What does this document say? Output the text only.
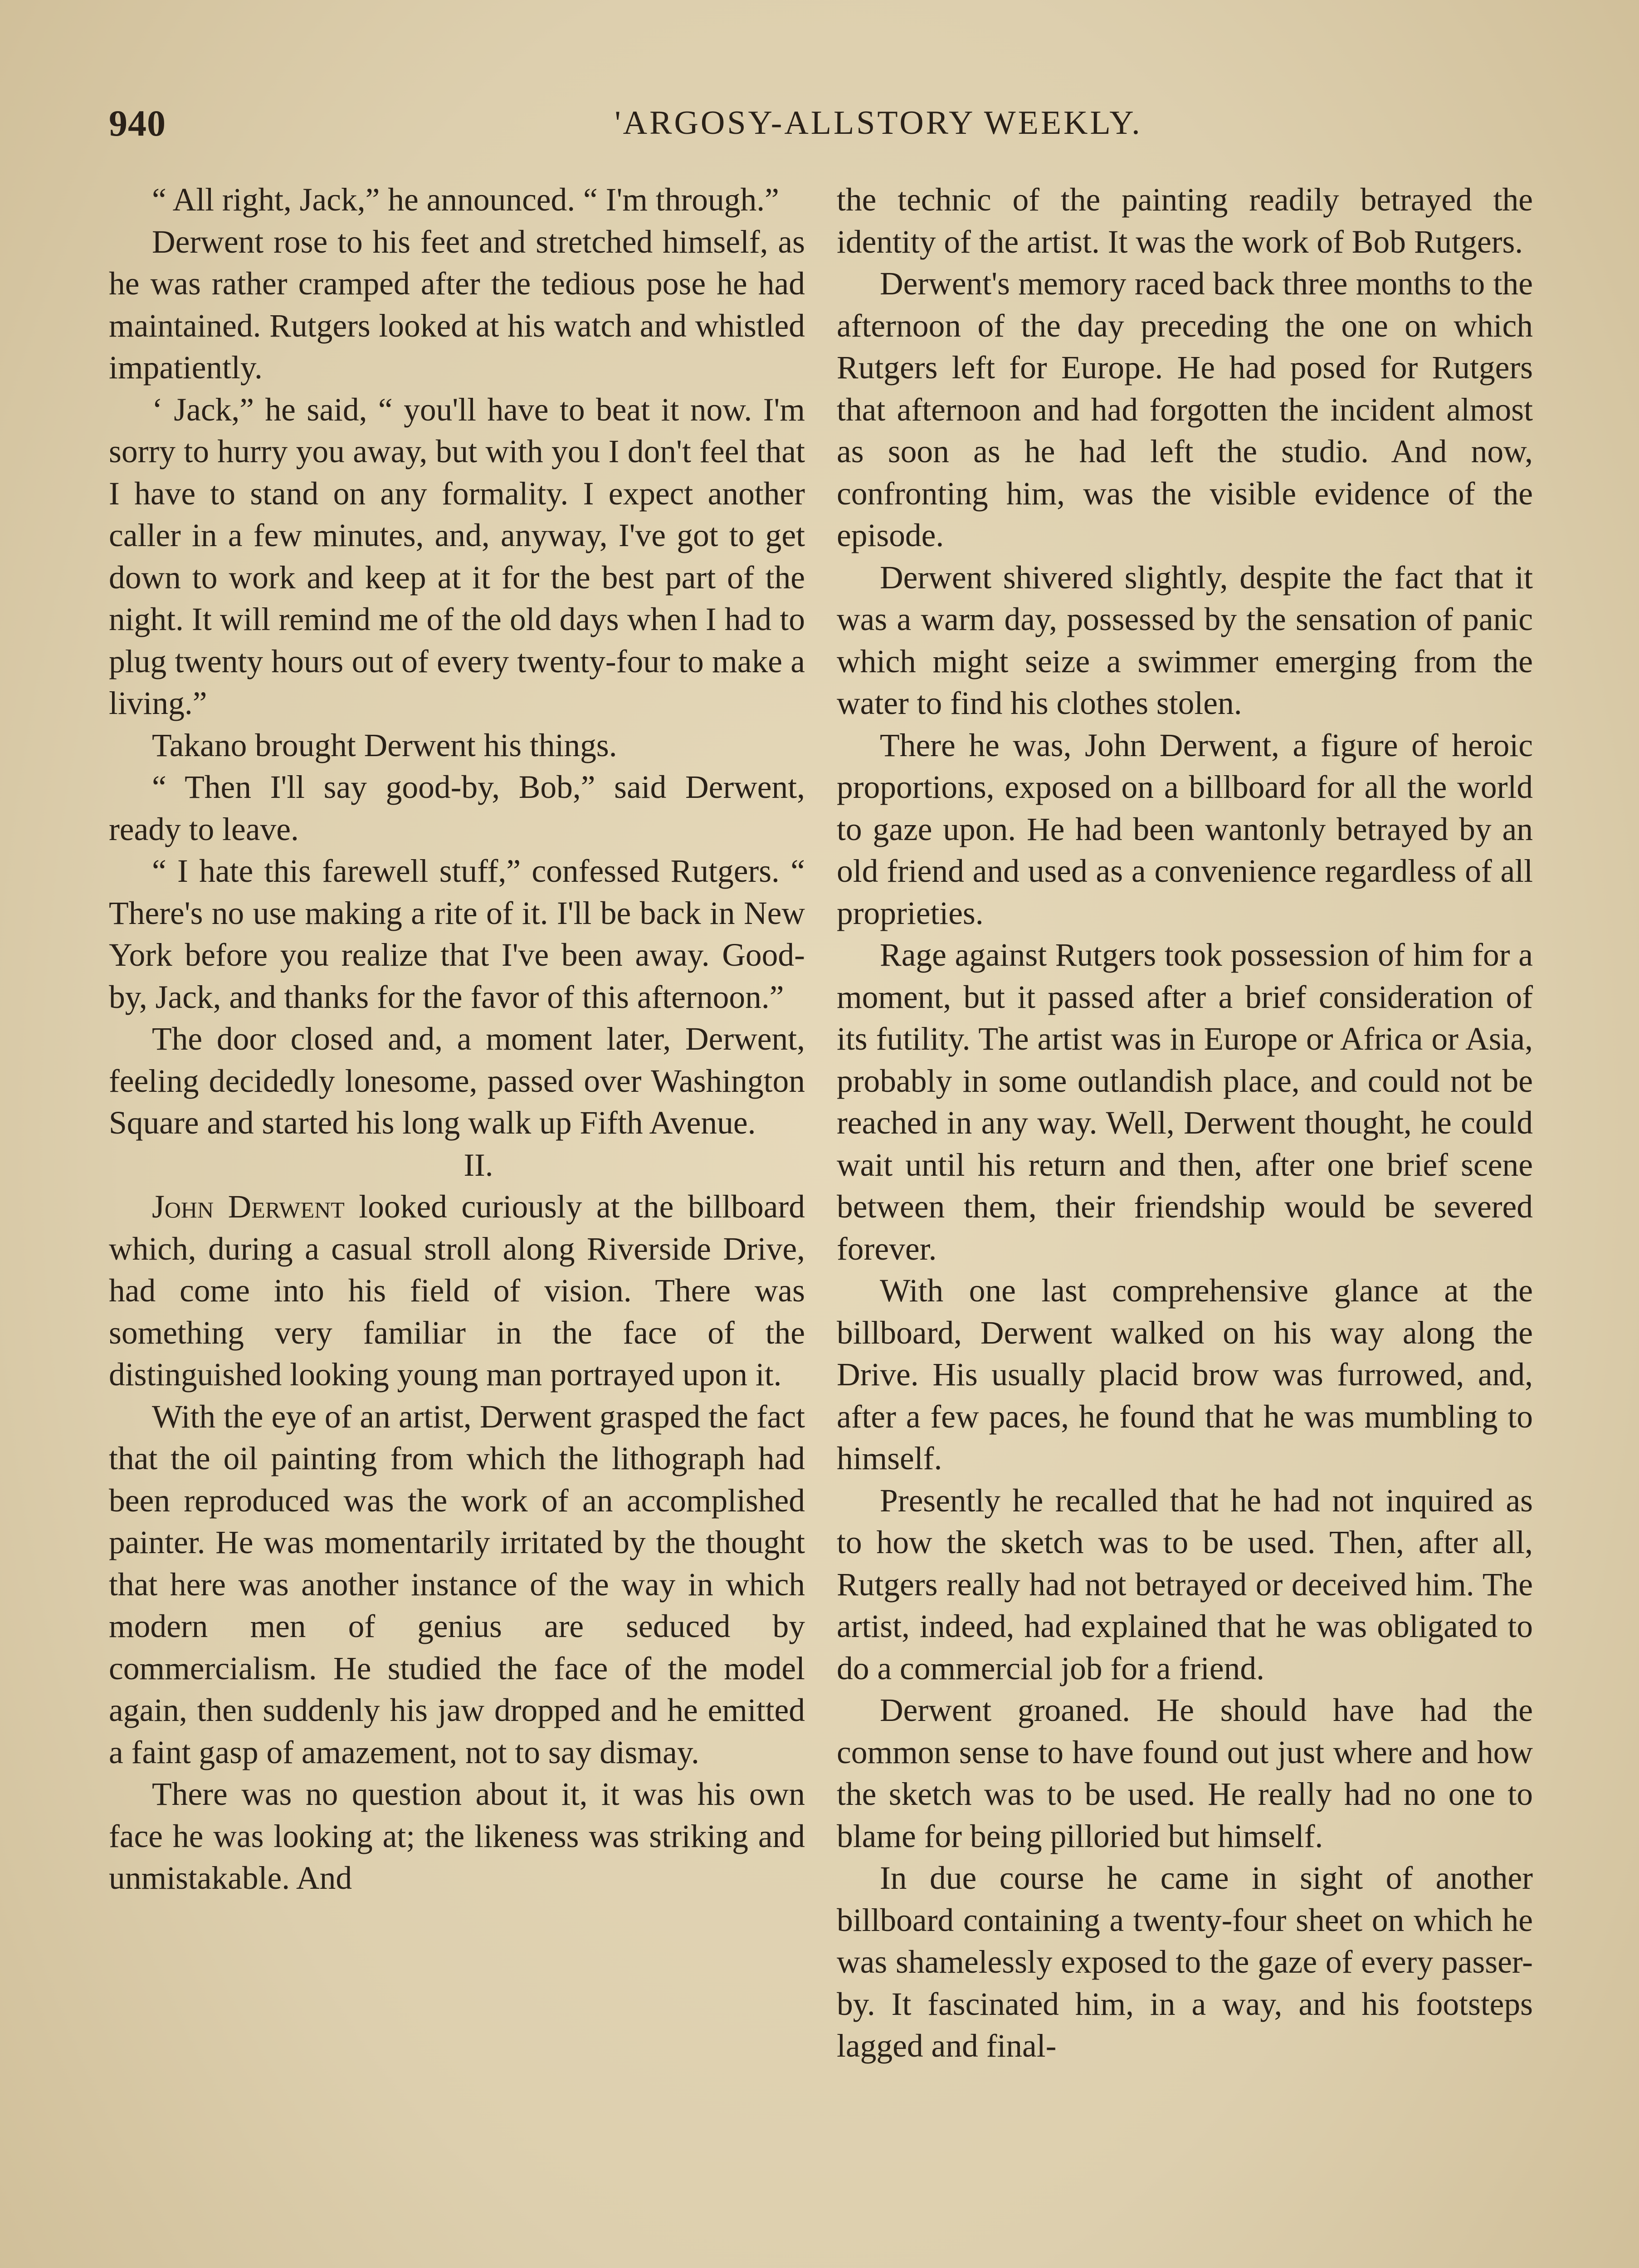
940	'ARGOSY-ALLSTORY WEEKLY.

“ All right, Jack,” he announced. “ I'm through.”

Derwent rose to his feet and stretched himself, as he was rather cramped after the tedious pose he had maintained. Rutgers looked at his watch and whistled impatiently.

‘ Jack,” he said, “ you'll have to beat it now. I'm sorry to hurry you away, but with you I don't feel that I have to stand on any formality. I expect another caller in a few minutes, and, anyway, I've got to get down to work and keep at it for the best part of the night. It will remind me of the old days when I had to plug twenty hours out of every twenty-four to make a living.”

Takano brought Derwent his things.

“ Then I'll say good-by, Bob,” said Derwent, ready to leave.

“ I hate this farewell stuff,” confessed Rutgers. “ There's no use making a rite of it. I'll be back in New York before you realize that I've been away. Good-by, Jack, and thanks for the favor of this afternoon.”

The door closed and, a moment later, Derwent, feeling decidedly lonesome, passed over Washington Square and started his long walk up Fifth Avenue.

II.

John Derwent looked curiously at the billboard which, during a casual stroll along Riverside Drive, had come into his field of vision. There was something very familiar in the face of the distinguished looking young man portrayed upon it.

With the eye of an artist, Derwent grasped the fact that the oil painting from which the lithograph had been reproduced was the work of an accomplished painter. He was momentarily irritated by the thought that here was another instance of the way in which modern men of genius are seduced by commercialism. He studied the face of the model again, then suddenly his jaw dropped and he emitted a faint gasp of amazement, not to say dismay.

There was no question about it, it was his own face he was looking at; the likeness was striking and unmistakable. And

the technic of the painting readily betrayed the identity of the artist. It was the work of Bob Rutgers.

Derwent's memory raced back three months to the afternoon of the day preceding the one on which Rutgers left for Europe. He had posed for Rutgers that afternoon and had forgotten the incident almost as soon as he had left the studio. And now, confronting him, was the visible evidence of the episode.

Derwent shivered slightly, despite the fact that it was a warm day, possessed by the sensation of panic which might seize a swimmer emerging from the water to find his clothes stolen.

There he was, John Derwent, a figure of heroic proportions, exposed on a billboard for all the world to gaze upon. He had been wantonly betrayed by an old friend and used as a convenience regardless of all proprieties.

Rage against Rutgers took possession of him for a moment, but it passed after a brief consideration of its futility. The artist was in Europe or Africa or Asia, probably in some outlandish place, and could not be reached in any way. Well, Derwent thought, he could wait until his return and then, after one brief scene between them, their friendship would be severed forever.

With one last comprehensive glance at the billboard, Derwent walked on his way along the Drive. His usually placid brow was furrowed, and, after a few paces, he found that he was mumbling to himself.

Presently he recalled that he had not inquired as to how the sketch was to be used. Then, after all, Rutgers really had not betrayed or deceived him. The artist, indeed, had explained that he was obligated to do a commercial job for a friend.

Derwent groaned. He should have had the common sense to have found out just where and how the sketch was to be used. He really had no one to blame for being pilloried but himself.

In due course he came in sight of another billboard containing a twenty-four sheet on which he was shamelessly exposed to the gaze of every passer-by. It fascinated him, in a way, and his footsteps lagged and final-
